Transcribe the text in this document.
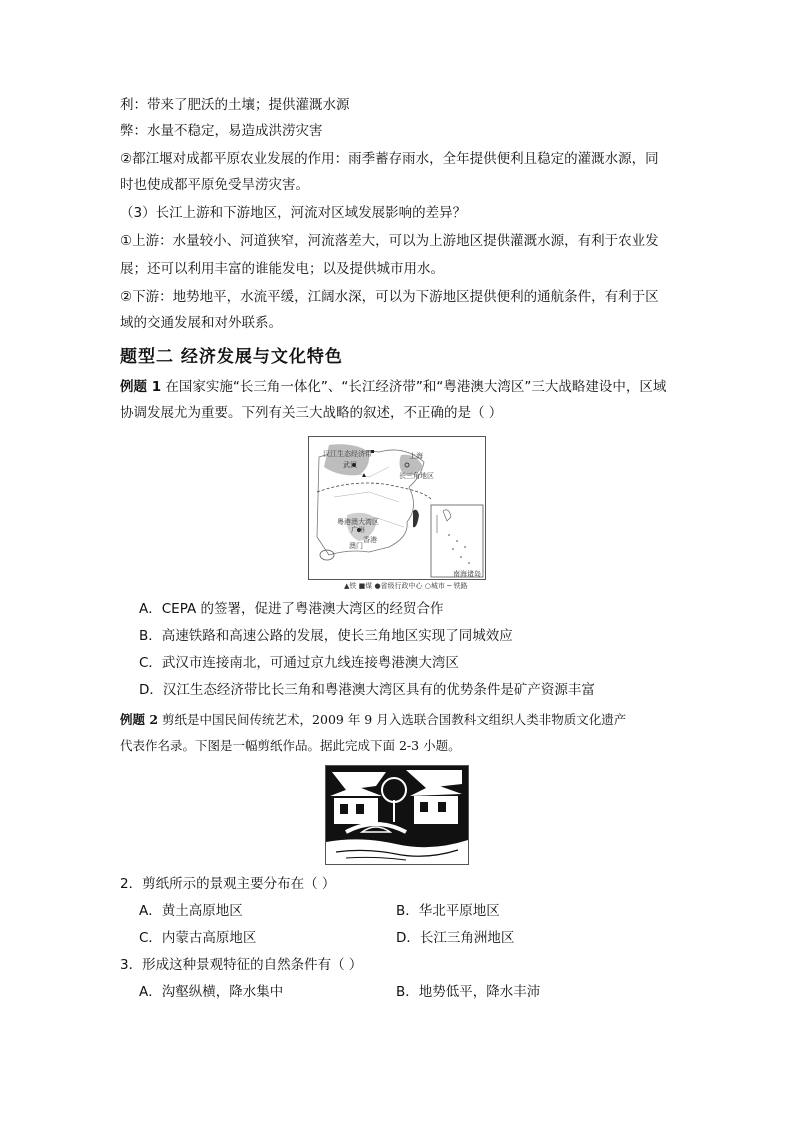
利：带来了肥沃的土壤；提供灌溉水源
弊：水量不稳定，易造成洪涝灾害
②都江堰对成都平原农业发展的作用：雨季蓄存雨水，全年提供便利且稳定的灌溉水源，同
时也使成都平原免受旱涝灾害。
（3）长江上游和下游地区，河流对区域发展影响的差异？
①上游：水量较小、河道狭窄，河流落差大，可以为上游地区提供灌溉水源，有利于农业发
展；还可以利用丰富的谁能发电；以及提供城市用水。
②下游：地势地平，水流平缓，江阔水深，可以为下游地区提供便利的通航条件，有利于区
域的交通发展和对外联系。
题型二 经济发展与文化特色
例题 1 在国家实施“长三角一体化”、“长江经济带”和“粤港澳大湾区”三大战略建设中，区域
协调发展尤为重要。下列有关三大战略的叙述，不正确的是（ ）
汉江生态经济带
武汉
长三角地区
上海
粤港澳大湾区
广州
香港
澳门
南海诸岛
▲铁 ■煤 ●省级行政中心 ○城市 ─ 铁路
A．CEPA 的签署，促进了粤港澳大湾区的经贸合作
B．高速铁路和高速公路的发展，使长三角地区实现了同城效应
C．武汉市连接南北，可通过京九线连接粤港澳大湾区
D．汉江生态经济带比长三角和粤港澳大湾区具有的优势条件是矿产资源丰富
例题 2 剪纸是中国民间传统艺术，2009 年 9 月入选联合国教科文组织人类非物质文化遗产
代表作名录。下图是一幅剪纸作品。据此完成下面 2-3 小题。
2．剪纸所示的景观主要分布在（ ）
A．黄土高原地区	B．华北平原地区
C．内蒙古高原地区	D．长江三角洲地区
3．形成这种景观特征的自然条件有（ ）
A．沟壑纵横，降水集中	B．地势低平，降水丰沛
